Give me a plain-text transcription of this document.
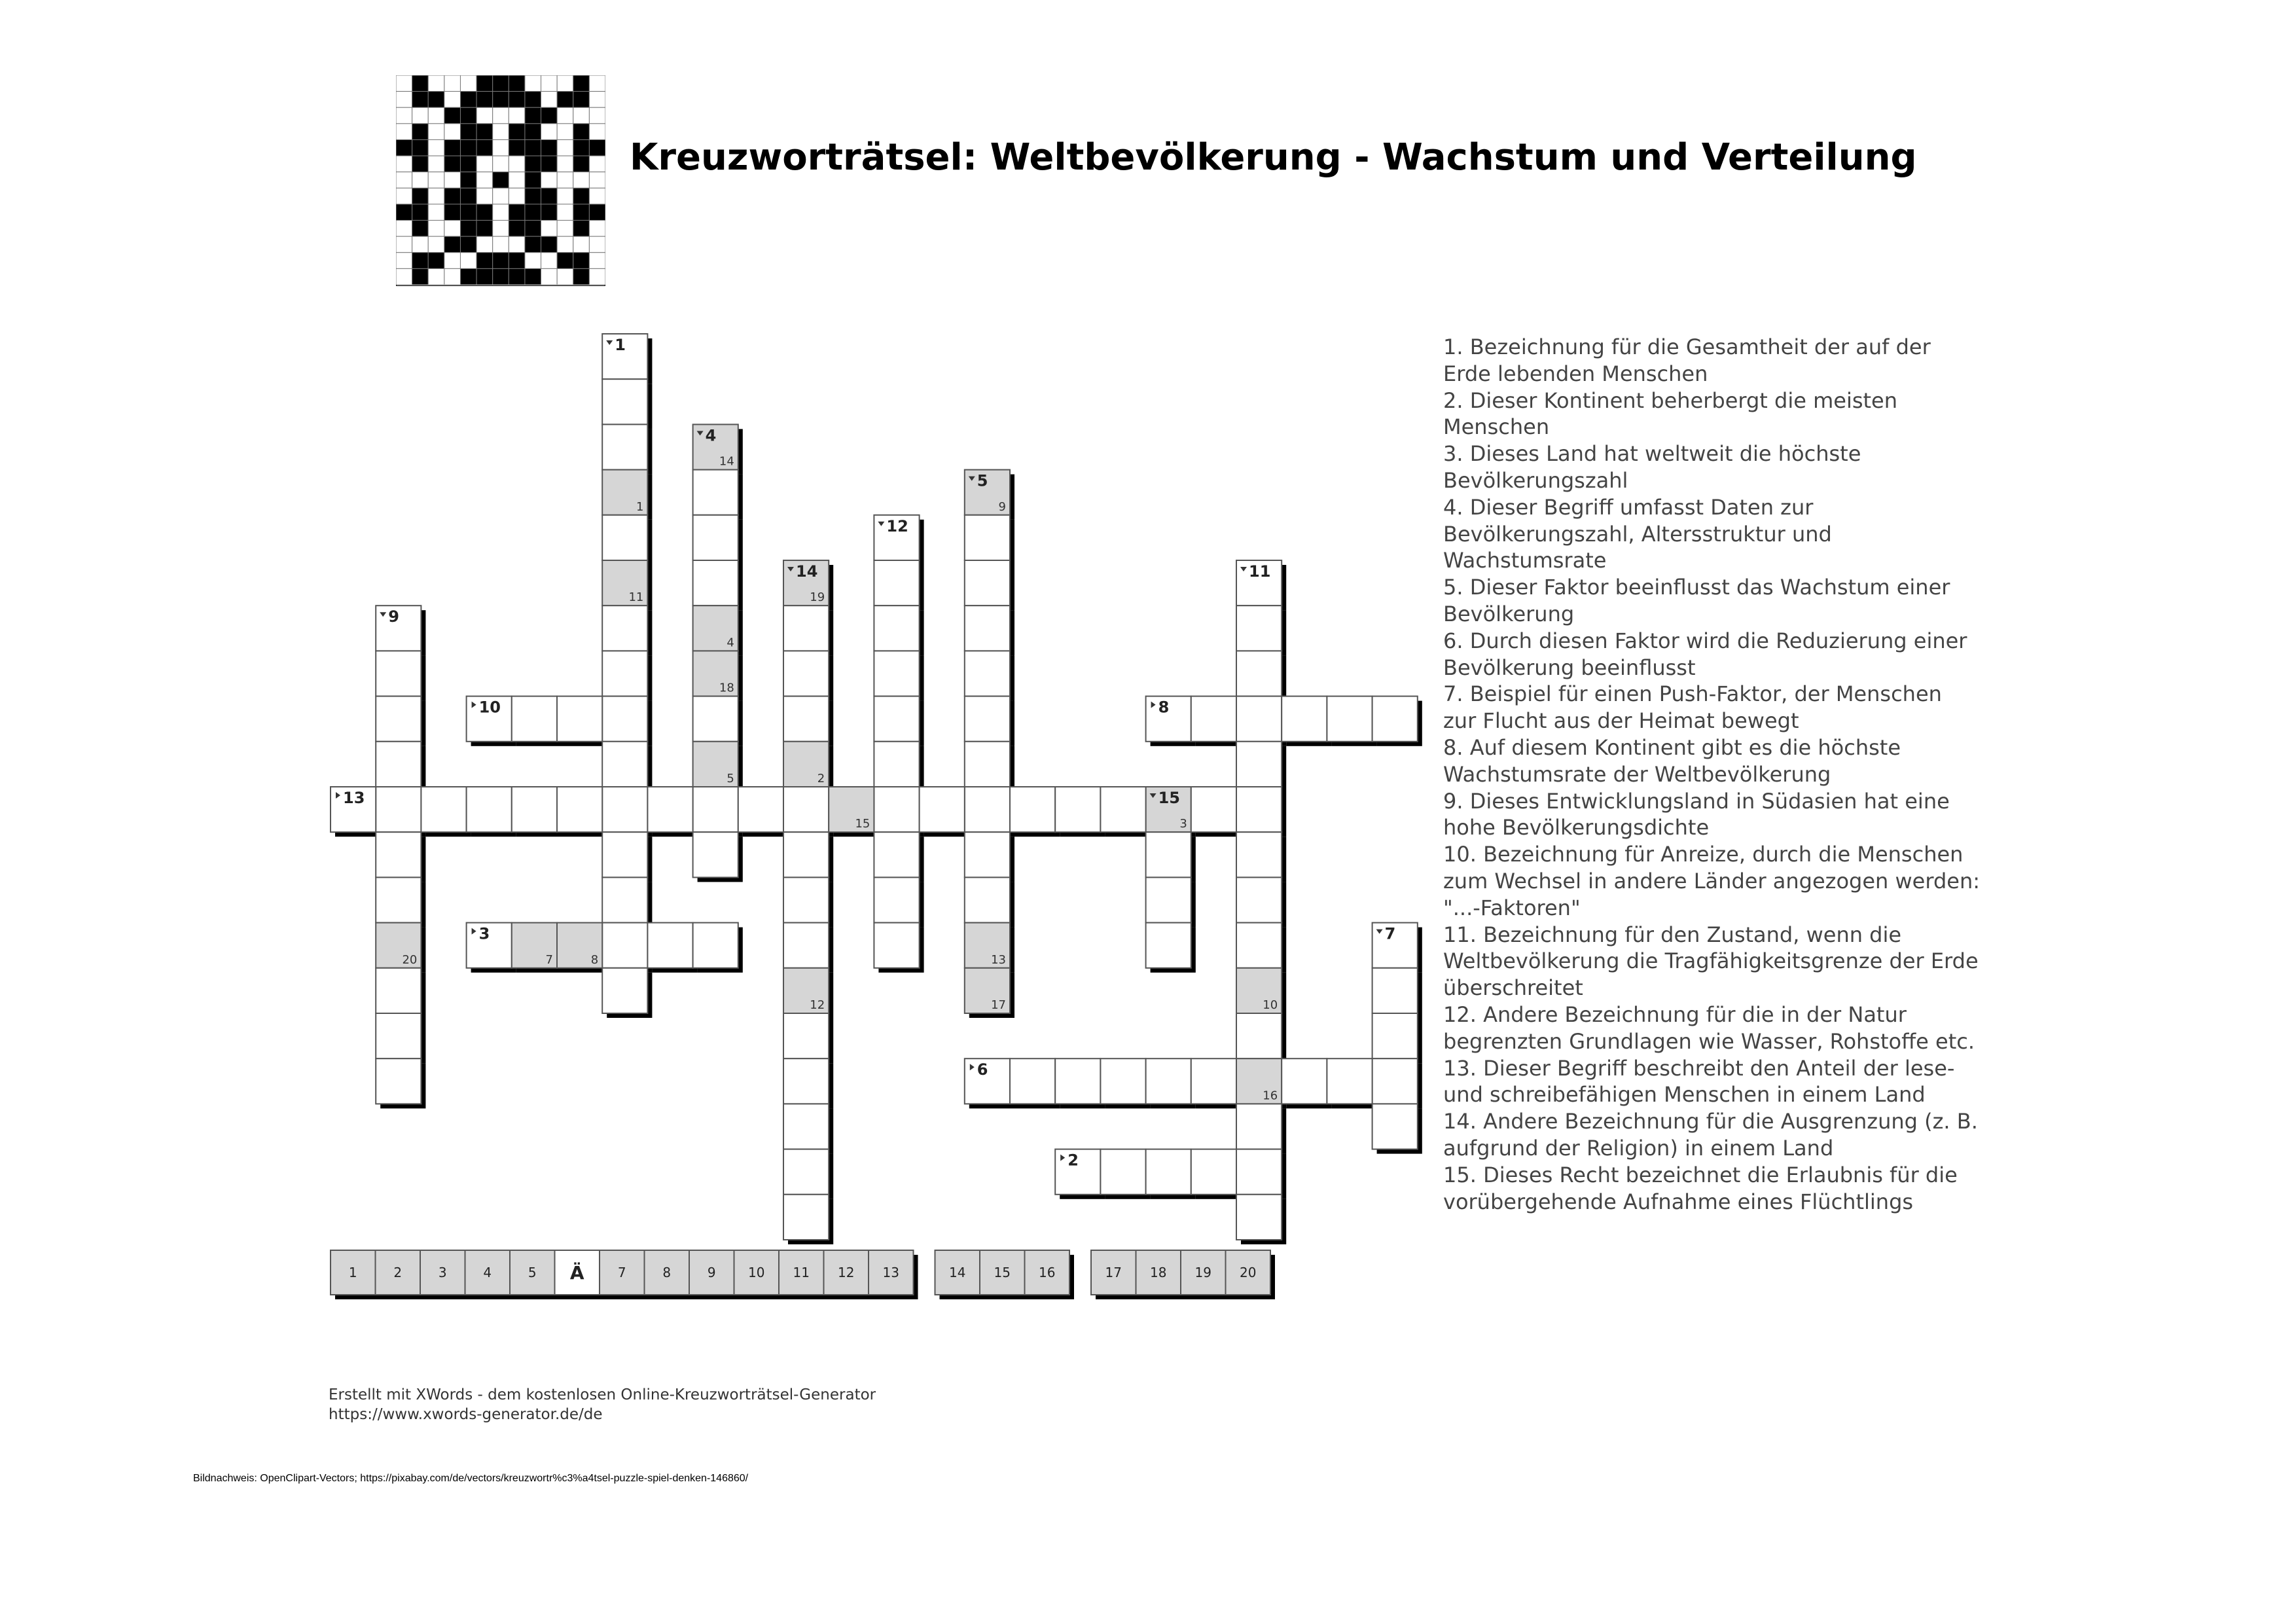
Kreuzworträtsel: Weltbevölkerung - Wachstum und Verteilung
1
11
14
4
18
5
9
13
17
19
2
12
15	3
20	7	8
10
16
1
4
5
12
14	11
9
7
15
10	8
13
3
6
2
1	2	3	4	5 Ä	7	8	9 10 11 12 13	14 15 16	17 18 19 20

1. Bezeichnung für die Gesamtheit der auf der Erde lebenden Menschen

2. Dieser Kontinent beherbergt die meisten Menschen

3. Dieses Land hat weltweit die höchste Bevölkerungszahl

4. Dieser Begriff umfasst Daten zur Bevölkerungszahl, Altersstruktur und Wachstumsrate

5. Dieser Faktor beeinflusst das Wachstum einer Bevölkerung

6. Durch diesen Faktor wird die Reduzierung einer Bevölkerung beeinflusst

7. Beispiel für einen Push-Faktor, der Menschen zur Flucht aus der Heimat bewegt

8. Auf diesem Kontinent gibt es die höchste Wachstumsrate der Weltbevölkerung

9. Dieses Entwicklungsland in Südasien hat eine hohe Bevölkerungsdichte

10. Bezeichnung für Anreize, durch die Menschen zum Wechsel in andere Länder angezogen werden: "...-Faktoren"

11. Bezeichnung für den Zustand, wenn die Weltbevölkerung die Tragfähigkeitsgrenze der Erde überschreitet

12. Andere Bezeichnung für die in der Natur begrenzten Grundlagen wie Wasser, Rohstoffe etc.

13. Dieser Begriff beschreibt den Anteil der lese- und schreibefähigen Menschen in einem Land

14. Andere Bezeichnung für die Ausgrenzung (z. B. aufgrund der Religion) in einem Land

15. Dieses Recht bezeichnet die Erlaubnis für die vorübergehende Aufnahme eines Flüchtlings

Erstellt mit XWords - dem kostenlosen Online-Kreuzworträtsel-Generator
https://www.xwords-generator.de/de
Bildnachweis: OpenClipart-Vectors; https://pixabay.com/de/vectors/kreuzwortr%c3%a4tsel-puzzle-spiel-denken-146860/
